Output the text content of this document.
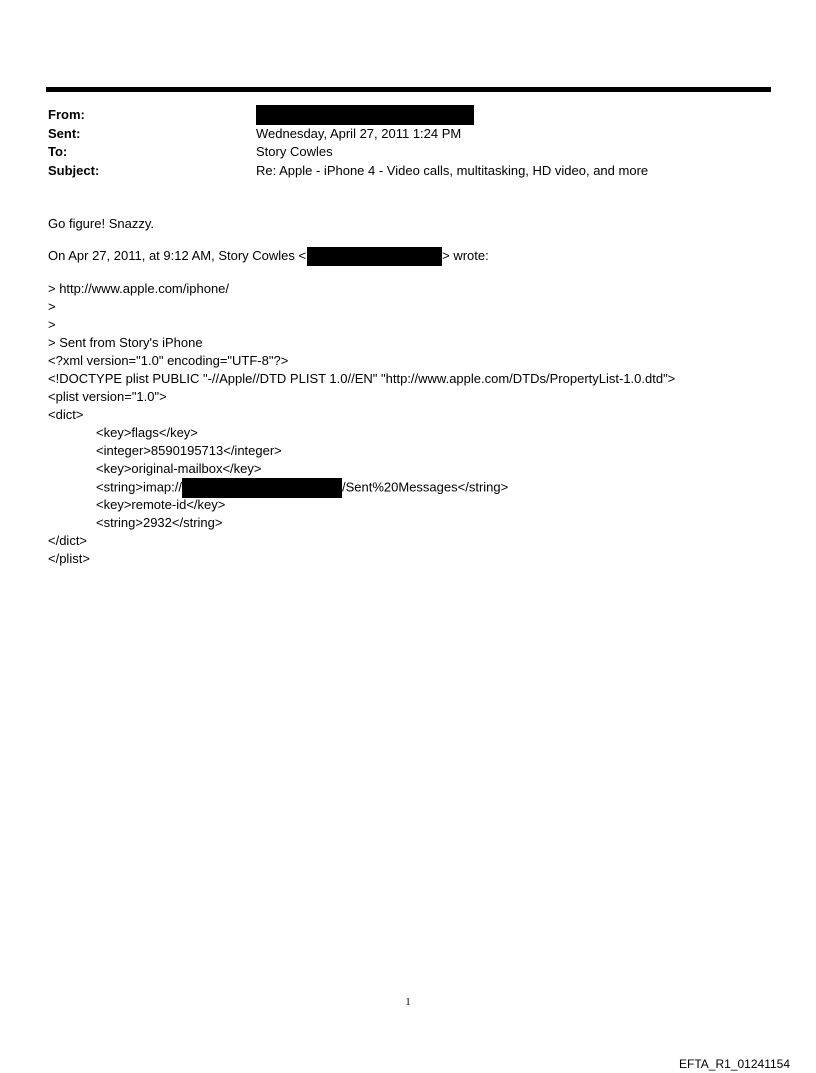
From:
Sent:	Wednesday, April 27, 2011 1:24 PM
To:	Story Cowles
Subject:	Re: Apple - iPhone 4 - Video calls, multitasking, HD video, and more
Go figure! Snazzy.
On Apr 27, 2011, at 9:12 AM, Story Cowles <	> wrote:
> http://www.apple.com/iphone/
>
>
> Sent from Story's iPhone
<?xml version="1.0" encoding="UTF-8"?>
<!DOCTYPE plist PUBLIC "-//Apple//DTD PLIST 1.0//EN" "http://www.apple.com/DTDs/PropertyList-1.0.dtd">
<plist version="1.0">
<dict>
<key>flags</key>
<integer>8590195713</integer>
<key>original-mailbox</key>
<string>imap://	/Sent%20Messages</string>
<key>remote-id</key>
<string>2932</string>
</dict>
</plist>
1
EFTA_R1_01241154
